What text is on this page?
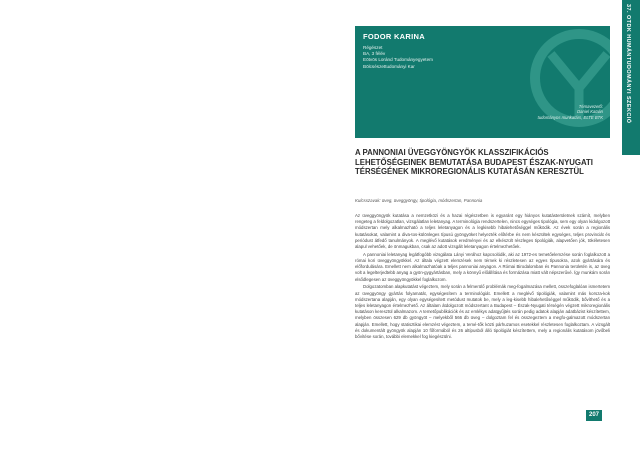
37. OTDK HUMÁNTUDOMÁNYI SZEKCIÓ
FODOR KARINA
Régészet
BA, 3 félév
Eötvös Loránd Tudományegyetem
Bölcsészettudományi Kar
Témavezető:
Daniel Katalin
tudományos munkatárs, ELTE BTK
A PANNONIAI ÜVEGGYÖNGYÖK KLASSZIFIKÁCIÓS LEHETŐSÉGEINEK BEMUTATÁSA BUDAPEST ÉSZAK-NYUGATI TÉRSÉGÉNEK MIKROREGIONÁLIS KUTATÁSÁN KERESZTÜL
Kulcsszavak: üveg, üveggyöngy, tipológia, módszertan, Pannonia

Az üveggyöngyök kutatása a nemzetközi és a hazai régészetben is egyaránt egy hiányos kutatásterületnek számít, melyben rengeteg a feldolgozatlan, vizsgálatlan leletanyag. A terminológia rendszertelen, nincs egységes tipológia, sem egy olyan kidolgozott módszertan mely alkalmazható a teljes leletanyagon és a legkisebb hibalehetőséggel működik. Az évek során a regionális kutatásokat, valamint a diva-tos-különleges típusú gyöngyöket helyezték előtérbe és nem készültek egységes, teljes provinciát és periódust átfedő tanulmányok. A meglévő kutatások eredményei és az elkészült részleges tipológiák, alapvetően jók, tökéletesen alapul vehetőek, de önmagukban, csak az adott vizsgált leletanyagon értelmezhetőek.

A pannoniai leletanyag legátfogóbb vizsgálata Lányi Verához kapcsolódik, aki az 1972-es temetőelemzése során foglalkozott a római kori üveggyöngyökkel. Az általa végzett elemzések nem térnek ki részletesen az egyes típusokra, azok gyártására és előfordulására. Emellett nem alkalmazhatóak a teljes pannoniai anyagon. A Római Birodalomban és Pannonia területén is, az üveg volt a legelterjedtebb anyag a gyön-gygyártásban, mely a könnyű előállítása és formázása miatt vált népszerűvé. Így munkám során elsődlegesen az üveggyöngyökkel foglalkozom.

Dolgozatomban alapkutatást végeztem, mely során a felmerülő problémák meg-fogalmazása mellett, összefoglalóan ismertetem az üveggyöngy gyártás folyamatát, egységesítem a terminológiát. Emellett a meglévő tipológiák, valamint más korsza-kok módszertana alapján, egy olyan egységesített metódust mutatok be, mely a leg-kisebb hibalehetőséggel működik, bővíthető és a teljes leletanyagon értelmezhető. Az általam átdolgozott módszertant a Budapest – Észak-Nyugati térségén végzett mikroregionális kutatáson keresztül alkalmazom. A temetőpublikációk és az emlékys adatgyűjtés során pedig adatok alapján adatbázist készítettem, melyben összesen 629 db gyöngyöt – melyekből 566 db üveg – dolgoztam fel és összegeztem a megfo-galmazott módszertan alapján. Emellett, hogy statisztikai elemzést végeztem, a temé-tők közti párhuzamos esetekkel részletesen foglalkoztam. A vizsgált és dokumentált gyöngyök alapján 10 főformából és 26 altípusból álló tipológiát készítettem, mely a regionális kutatásom jövőbeli bővítése során, további elemekkel fog kiegészülni.

207
